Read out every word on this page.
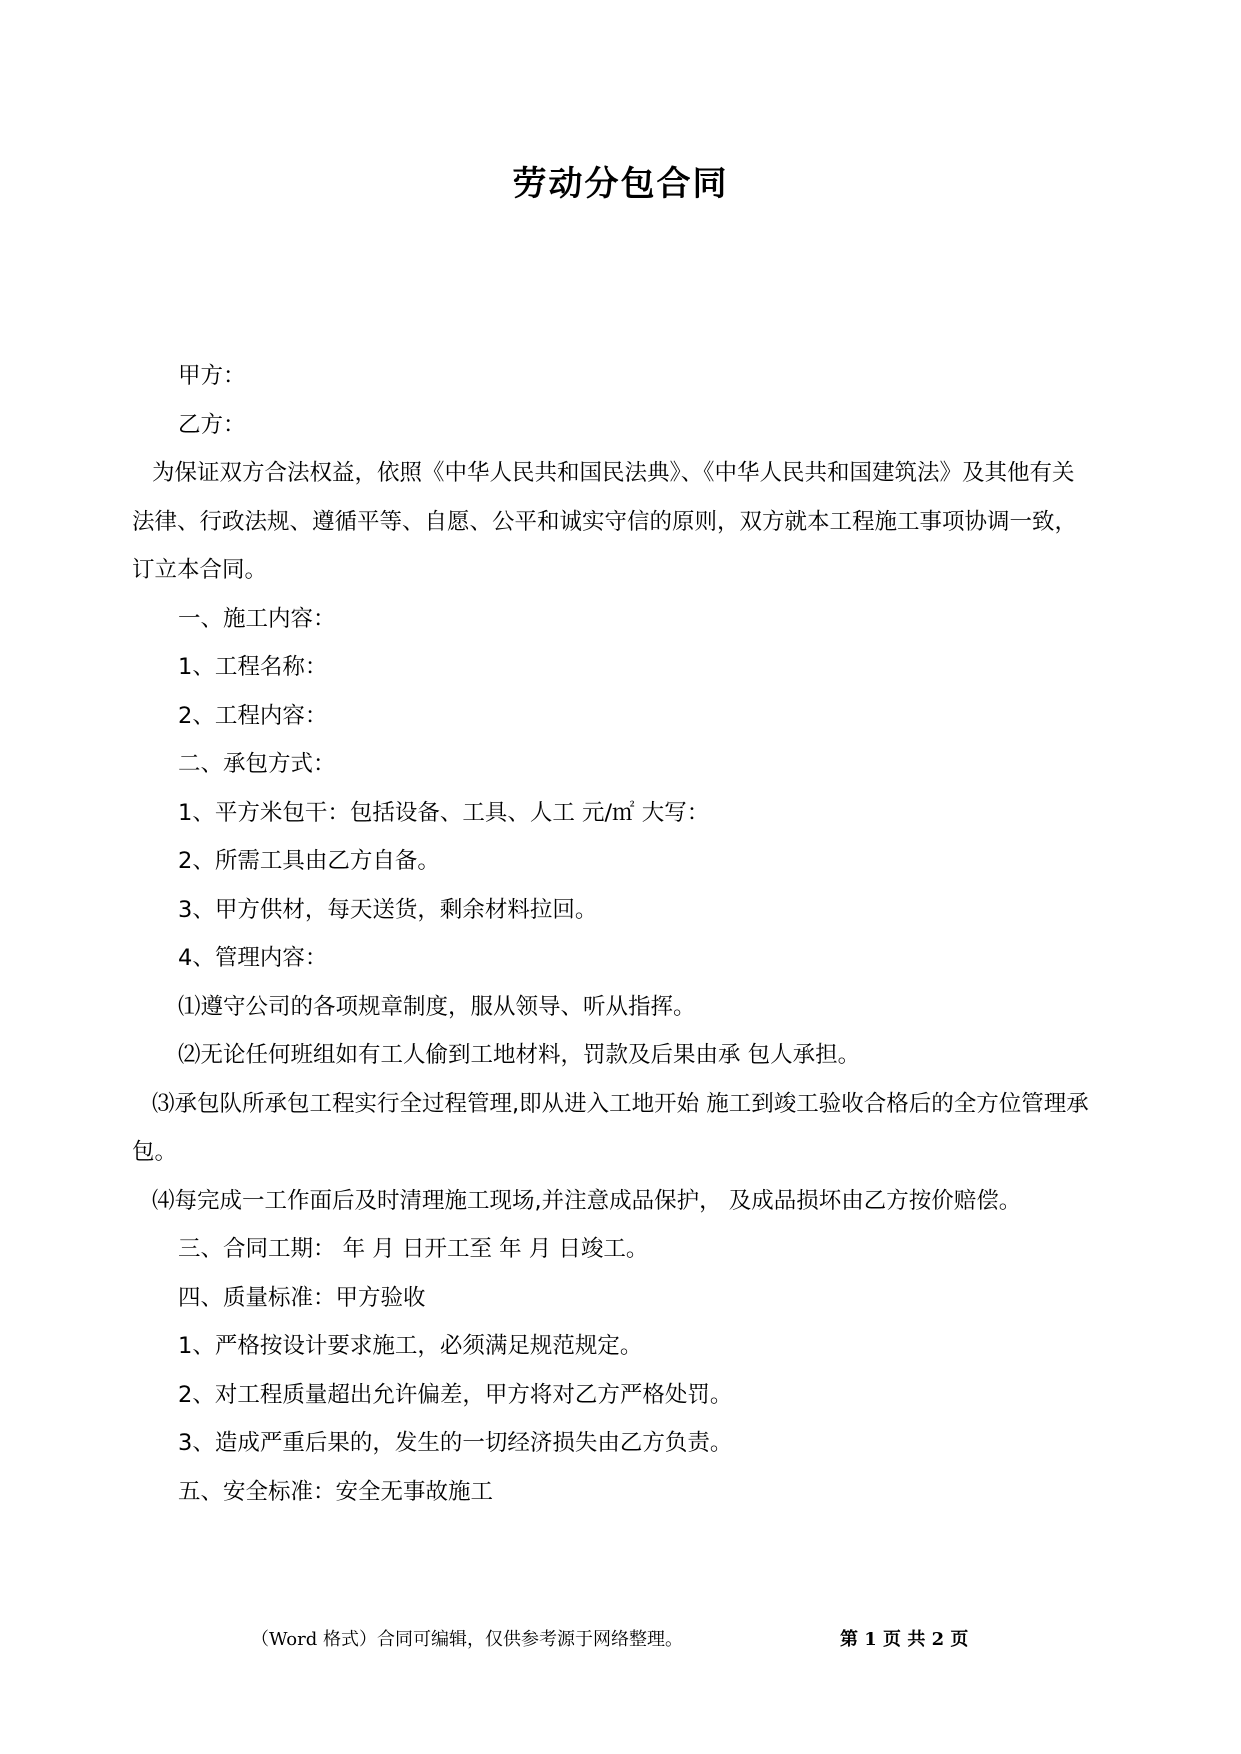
劳动分包合同

甲方：

乙方：

为保证双方合法权益，依照《中华人民共和国民法典》、《中华人民共和国建筑法》及其他有关法律、行政法规、遵循平等、自愿、公平和诚实守信的原则，双方就本工程施工事项协调一致，订立本合同。

一、施工内容：

1、工程名称：

2、工程内容：

二、承包方式：

1、平方米包干：包括设备、工具、人工 元/㎡ 大写：

2、所需工具由乙方自备。

3、甲方供材，每天送货，剩余材料拉回。

4、管理内容：

⑴遵守公司的各项规章制度，服从领导、听从指挥。

⑵无论任何班组如有工人偷到工地材料，罚款及后果由承 包人承担。

⑶承包队所承包工程实行全过程管理,即从进入工地开始 施工到竣工验收合格后的全方位管理承包。

⑷每完成一工作面后及时清理施工现场,并注意成品保护， 及成品损坏由乙方按价赔偿。

三、合同工期： 年 月 日开工至 年 月 日竣工。

四、质量标准：甲方验收

1、严格按设计要求施工，必须满足规范规定。

2、对工程质量超出允许偏差，甲方将对乙方严格处罚。

3、造成严重后果的，发生的一切经济损失由乙方负责。

五、安全标准：安全无事故施工

（Word 格式）合同可编辑，仅供参考源于网络整理。	第 1 页 共 2 页
